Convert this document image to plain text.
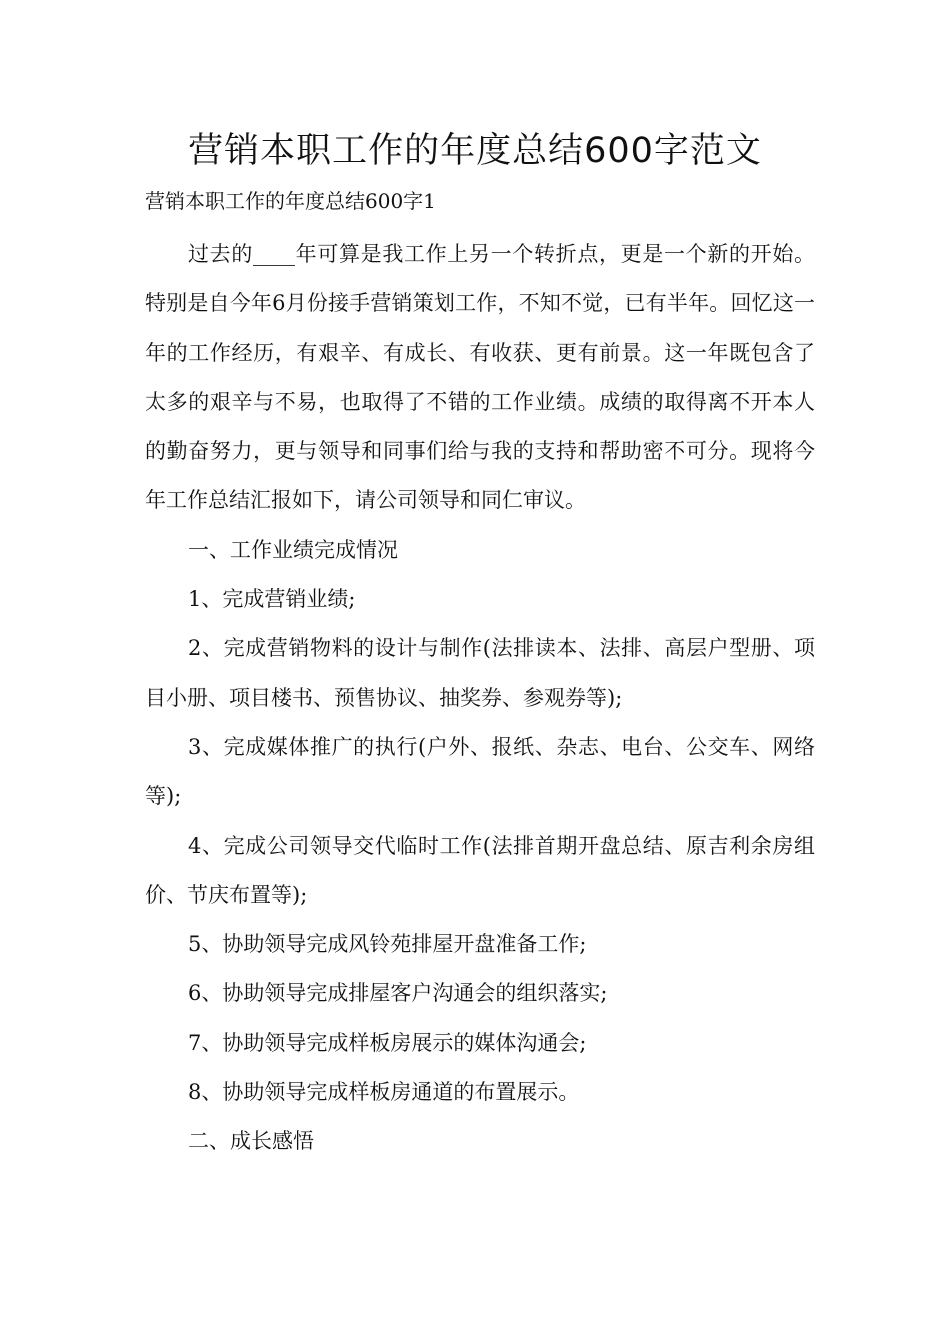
营销本职工作的年度总结600字范文

营销本职工作的年度总结600字1

过去的____年可算是我工作上另一个转折点，更是一个新的开始。特别是自今年6月份接手营销策划工作，不知不觉，已有半年。回忆这一年的工作经历，有艰辛、有成长、有收获、更有前景。这一年既包含了太多的艰辛与不易，也取得了不错的工作业绩。成绩的取得离不开本人的勤奋努力，更与领导和同事们给与我的支持和帮助密不可分。现将今年工作总结汇报如下，请公司领导和同仁审议。

一、工作业绩完成情况

1、完成营销业绩;

2、完成营销物料的设计与制作(法排读本、法排、高层户型册、项目小册、项目楼书、预售协议、抽奖券、参观券等);

3、完成媒体推广的执行(户外、报纸、杂志、电台、公交车、网络等);

4、完成公司领导交代临时工作(法排首期开盘总结、原吉利余房组价、节庆布置等);

5、协助领导完成风铃苑排屋开盘准备工作;

6、协助领导完成排屋客户沟通会的组织落实;

7、协助领导完成样板房展示的媒体沟通会;

8、协助领导完成样板房通道的布置展示。

二、成长感悟
